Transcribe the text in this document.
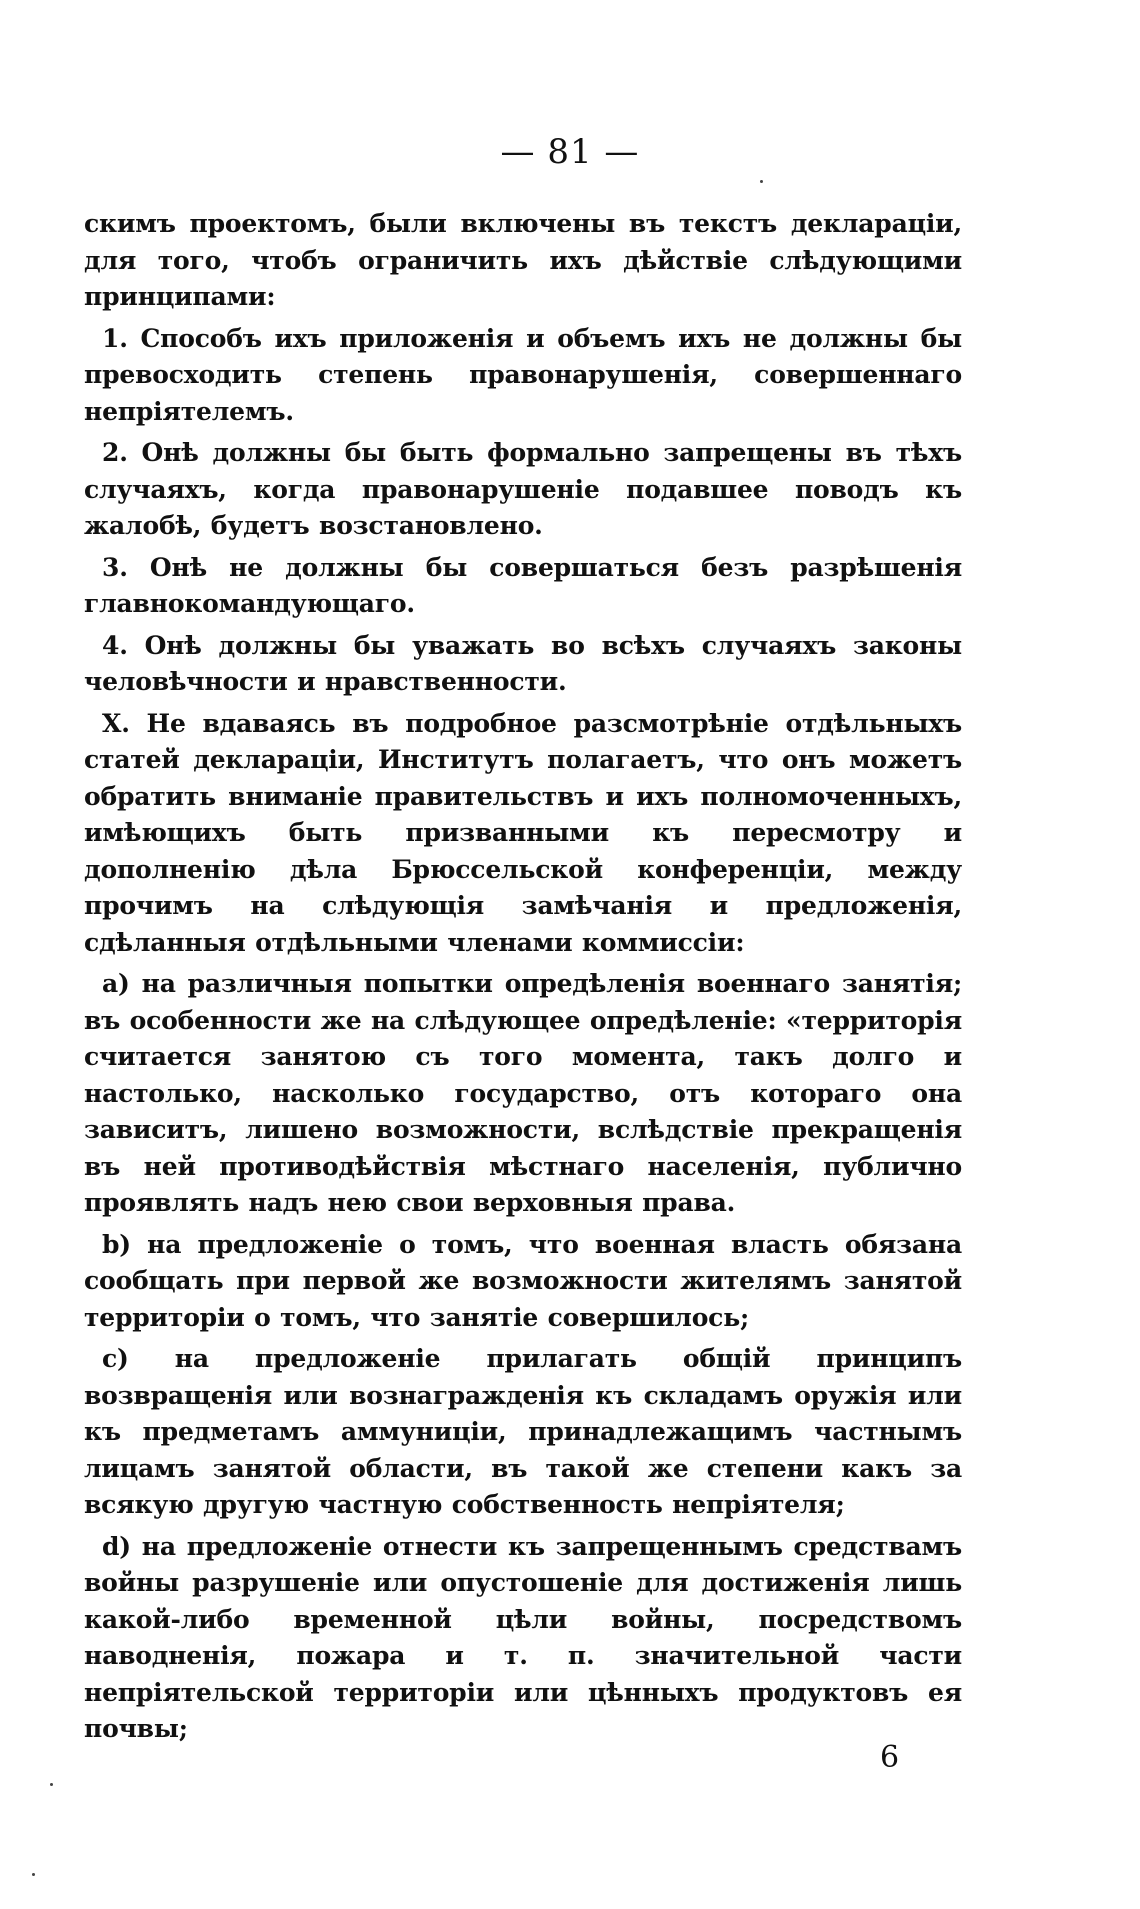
— 81 —

скимъ проектомъ, были включены въ текстъ декларацiи, для того, чтобъ ограничить ихъ дѣйствiе слѣдующими принципами:

1. Способъ ихъ приложенiя и объемъ ихъ не должны бы превосходить степень правонарушенiя, совершеннаго непрiятелемъ.

2. Онѣ должны бы быть формально запрещены въ тѣхъ случаяхъ, когда правонарушенiе подавшее поводъ къ жалобѣ, будетъ возстановлено.

3. Онѣ не должны бы совершаться безъ разрѣшенiя главнокомандующаго.

4. Онѣ должны бы уважать во всѣхъ случаяхъ законы человѣчности и нравственности.

X. Не вдаваясь въ подробное разсмотрѣнiе отдѣльныхъ статей декларацiи, Институтъ полагаетъ, что онъ можетъ обратить вниманiе правительствъ и ихъ полномоченныхъ, имѣющихъ быть призванными къ пересмотру и дополненiю дѣла Брюссельской конференцiи, между прочимъ на слѣдующiя замѣчанiя и предложенiя, сдѣланныя отдѣльными членами коммиссiи:

a) на различныя попытки опредѣленiя военнаго занятiя; въ особенности же на слѣдующее опредѣленiе: «территорiя считается занятою съ того момента, такъ долго и настолько, насколько государство, отъ котораго она зависитъ, лишено возможности, вслѣдствiе прекращенiя въ ней противодѣйствiя мѣстнаго населенiя, публично проявлять надъ нею свои верховныя права.

b) на предложенiе о томъ, что военная власть обязана сообщать при первой же возможности жителямъ занятой территорiи о томъ, что занятiе совершилось;

c) на предложенiе прилагать общiй принципъ возвращенiя или вознагражденiя къ складамъ оружiя или къ предметамъ аммуницiи, принадлежащимъ частнымъ лицамъ занятой области, въ такой же степени какъ за всякую другую частную собственность непрiятеля;

d) на предложенiе отнести къ запрещеннымъ средствамъ войны разрушенiе или опустошенiе для достиженiя лишь какой-либо временной цѣли войны, посредствомъ наводненiя, пожара и т. п. значительной части непрiятельской территорiи или цѣнныхъ продуктовъ ея почвы;

6
